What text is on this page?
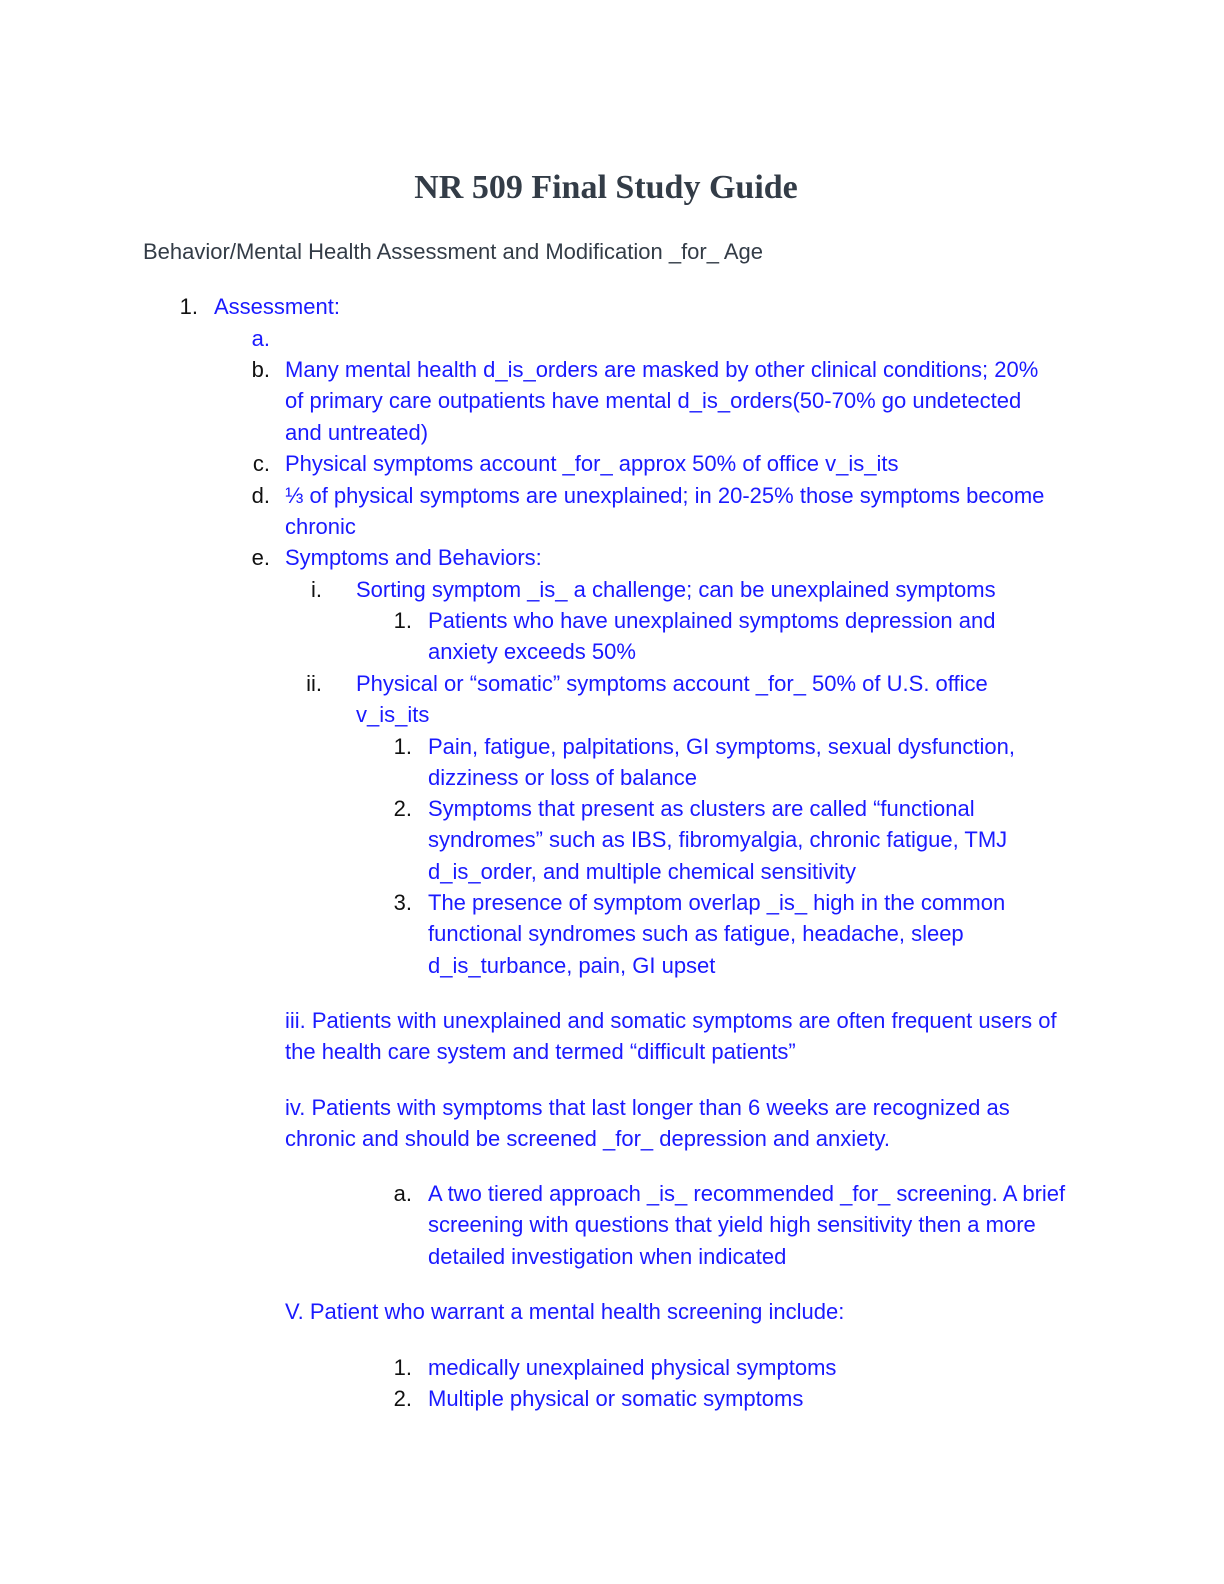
NR 509 Final Study Guide
Behavior/Mental Health Assessment and Modification _for_ Age
1. Assessment:
a.
b. Many mental health d_is_orders are masked by other clinical conditions; 20% of primary care outpatients have mental d_is_orders(50-70% go undetected and untreated)
c. Physical symptoms account _for_ approx 50% of office v_is_its
d. ⅓ of physical symptoms are unexplained; in 20-25% those symptoms become chronic
e. Symptoms and Behaviors:
i. Sorting symptom _is_ a challenge; can be unexplained symptoms
1. Patients who have unexplained symptoms depression and anxiety exceeds 50%
ii. Physical or “somatic” symptoms account _for_ 50% of U.S. office v_is_its
1. Pain, fatigue, palpitations, GI symptoms, sexual dysfunction, dizziness or loss of balance
2. Symptoms that present as clusters are called “functional syndromes” such as IBS, fibromyalgia, chronic fatigue, TMJ d_is_order, and multiple chemical sensitivity
3. The presence of symptom overlap _is_ high in the common functional syndromes such as fatigue, headache, sleep d_is_turbance, pain, GI upset
iii. Patients with unexplained and somatic symptoms are often frequent users of the health care system and termed “difficult patients”
iv. Patients with symptoms that last longer than 6 weeks are recognized as chronic and should be screened _for_ depression and anxiety.
a. A two tiered approach _is_ recommended _for_ screening. A brief screening with questions that yield high sensitivity then a more detailed investigation when indicated
V. Patient who warrant a mental health screening include:
1. medically unexplained physical symptoms
2. Multiple physical or somatic symptoms
